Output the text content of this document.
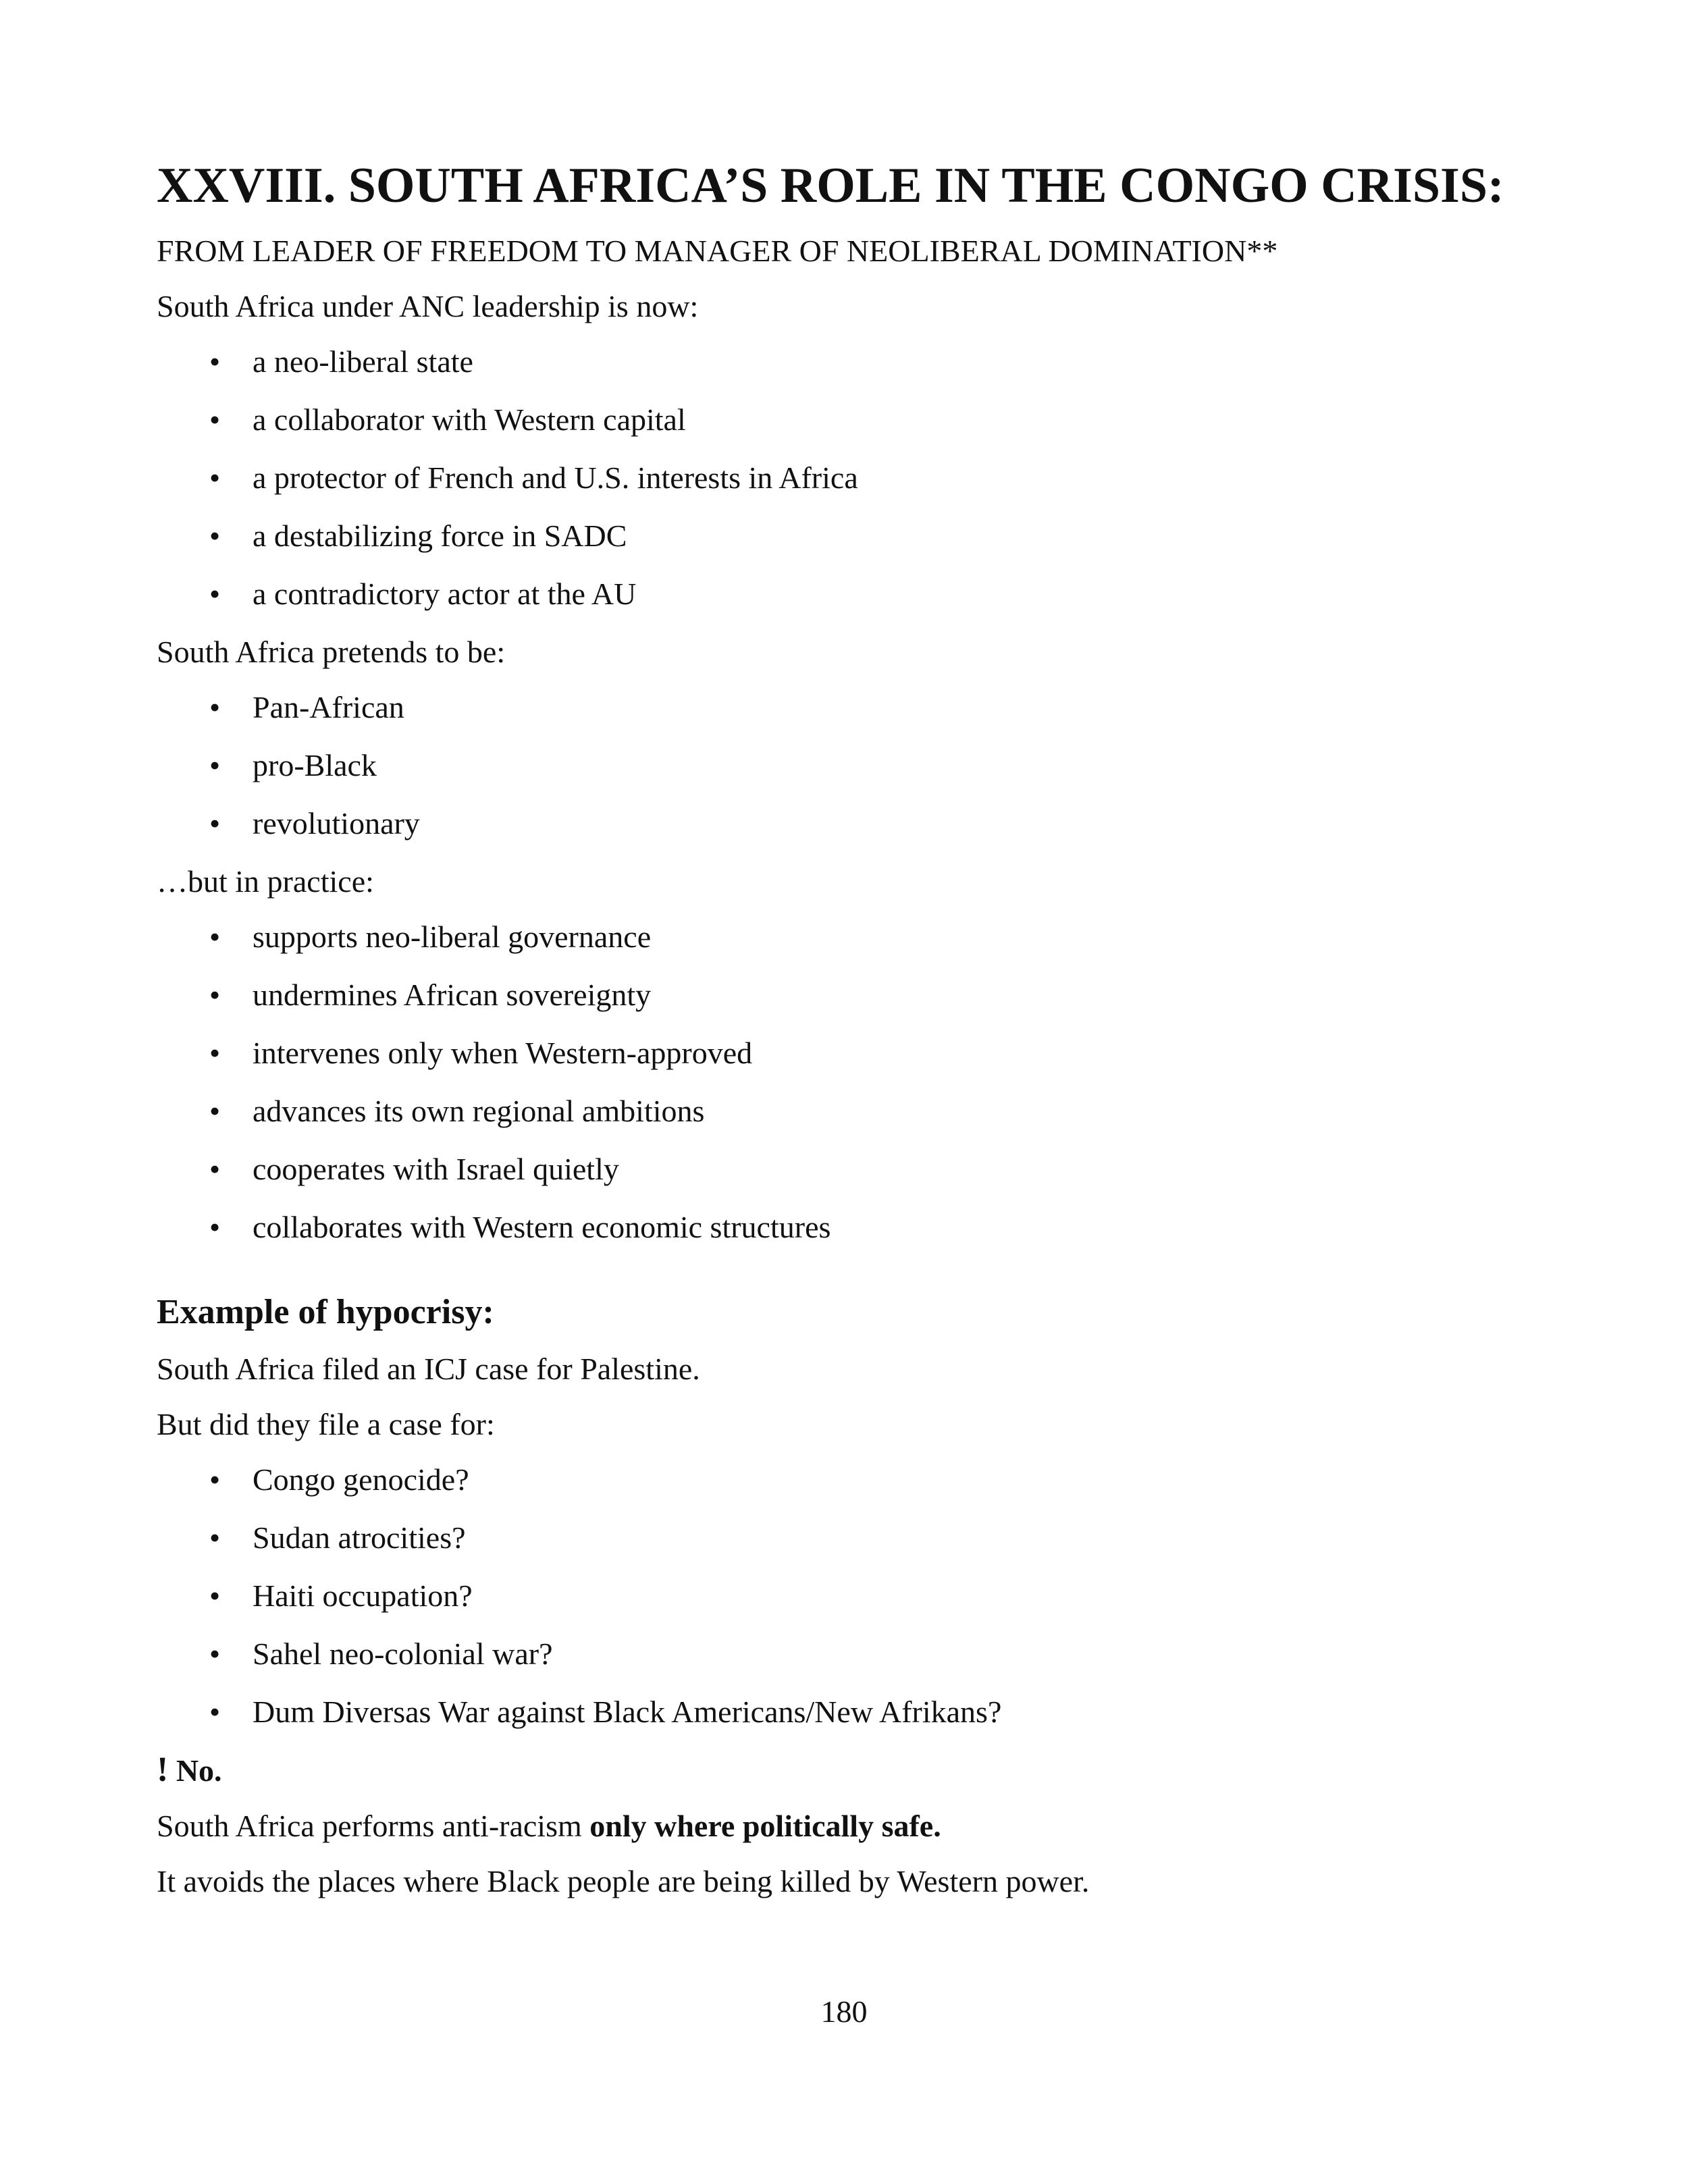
XXVIII. SOUTH AFRICA’S ROLE IN THE CONGO CRISIS:
FROM LEADER OF FREEDOM TO MANAGER OF NEOLIBERAL DOMINATION**
South Africa under ANC leadership is now:
• a neo-liberal state
• a collaborator with Western capital
• a protector of French and U.S. interests in Africa
• a destabilizing force in SADC
• a contradictory actor at the AU
South Africa pretends to be:
• Pan-African
• pro-Black
• revolutionary
…but in practice:
• supports neo-liberal governance
• undermines African sovereignty
• intervenes only when Western-approved
• advances its own regional ambitions
• cooperates with Israel quietly
• collaborates with Western economic structures
Example of hypocrisy:
South Africa filed an ICJ case for Palestine.
But did they file a case for:
• Congo genocide?
• Sudan atrocities?
• Haiti occupation?
• Sahel neo-colonial war?
• Dum Diversas War against Black Americans/New Afrikans?
! No.
South Africa performs anti-racism only where politically safe.
It avoids the places where Black people are being killed by Western power.
180
